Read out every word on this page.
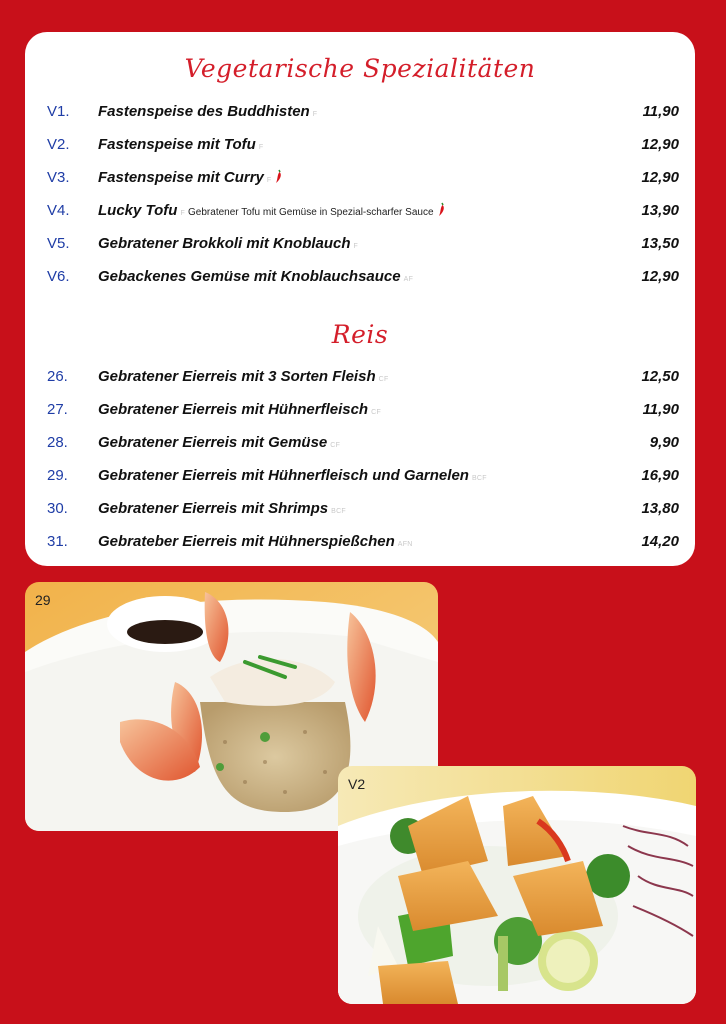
Vegetarische Spezialitäten
V1. Fastenspeise des Buddhisten F	11,90
V2. Fastenspeise mit Tofu F	12,90
V3. Fastenspeise mit Curry F	12,90
V4. Lucky Tofu F Gebratener Tofu mit Gemüse in Spezial-scharfer Sauce	13,90
V5. Gebratener Brokkoli mit Knoblauch F	13,50
V6. Gebackenes Gemüse mit Knoblauchsauce AF	12,90
Reis
26. Gebratener Eierreis mit 3 Sorten Fleish CF	12,50
27. Gebratener Eierreis mit Hühnerfleisch CF	11,90
28. Gebratener Eierreis mit Gemüse CF	9,90
29. Gebratener Eierreis mit Hühnerfleisch und Garnelen BCF	16,90
30. Gebratener Eierreis mit Shrimps BCF	13,80
31. Gebrateber Eierreis mit Hühnerspießchen AFN	14,20
29
V2
